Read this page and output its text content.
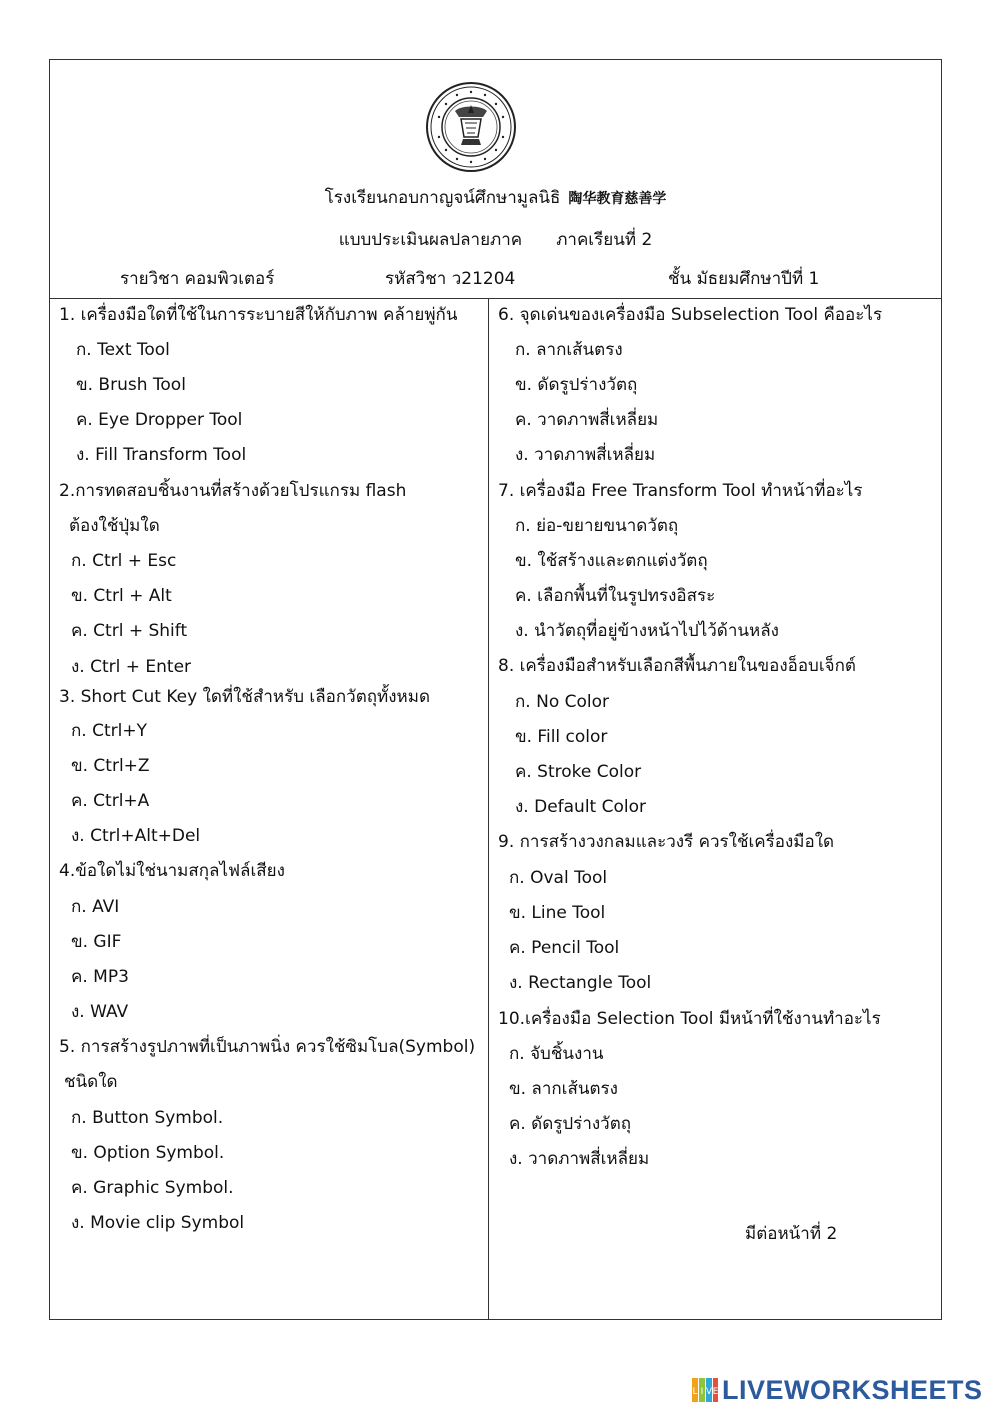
โรงเรียนกอบกาญจน์ศึกษามูลนิธิ 陶华教育慈善学
แบบประเมินผลปลายภาค ภาคเรียนที่ 2
รายวิชา คอมพิวเตอร์	รหัสวิชา ว21204	ชั้น มัธยมศึกษาปีที่ 1
1. เครื่องมือใดที่ใช้ในการระบายสีให้กับภาพ คล้ายพู่กัน
ก. Text Tool
ข. Brush Tool
ค. Eye Dropper Tool
ง. Fill Transform Tool
2.การทดสอบชิ้นงานที่สร้างด้วยโปรแกรม flash
ต้องใช้ปุ่มใด
ก. Ctrl + Esc
ข. Ctrl + Alt
ค. Ctrl + Shift
ง. Ctrl + Enter
3. Short Cut Key ใดที่ใช้สำหรับ เลือกวัตถุทั้งหมด
ก. Ctrl+Y
ข. Ctrl+Z
ค. Ctrl+A
ง. Ctrl+Alt+Del
4.ข้อใดไม่ใช่นามสกุลไฟล์เสียง
ก. AVI
ข. GIF
ค. MP3
ง. WAV
5. การสร้างรูปภาพที่เป็นภาพนิ่ง ควรใช้ซิมโบล(Symbol)
ชนิดใด
ก. Button Symbol.
ข. Option Symbol.
ค. Graphic Symbol.
ง. Movie clip Symbol
6. จุดเด่นของเครื่องมือ Subselection Tool คืออะไร
ก. ลากเส้นตรง
ข. ดัดรูปร่างวัตถุ
ค. วาดภาพสี่เหลี่ยม
ง. วาดภาพสี่เหลี่ยม
7. เครื่องมือ Free Transform Tool ทำหน้าที่อะไร
ก. ย่อ-ขยายขนาดวัตถุ
ข. ใช้สร้างและตกแต่งวัตถุ
ค. เลือกพื้นที่ในรูปทรงอิสระ
ง. นำวัตถุที่อยู่ข้างหน้าไปไว้ด้านหลัง
8. เครื่องมือสำหรับเลือกสีพื้นภายในของอ็อบเจ็กต์
ก. No Color
ข. Fill color
ค. Stroke Color
ง. Default Color
9. การสร้างวงกลมและวงรี ควรใช้เครื่องมือใด
ก. Oval Tool
ข. Line Tool
ค. Pencil Tool
ง. Rectangle Tool
10.เครื่องมือ Selection Tool มีหน้าที่ใช้งานทำอะไร
ก. จับชิ้นงาน
ข. ลากเส้นตรง
ค. ดัดรูปร่างวัตถุ
ง. วาดภาพสี่เหลี่ยม
มีต่อหน้าที่ 2
L I V E LIVEWORKSHEETS
